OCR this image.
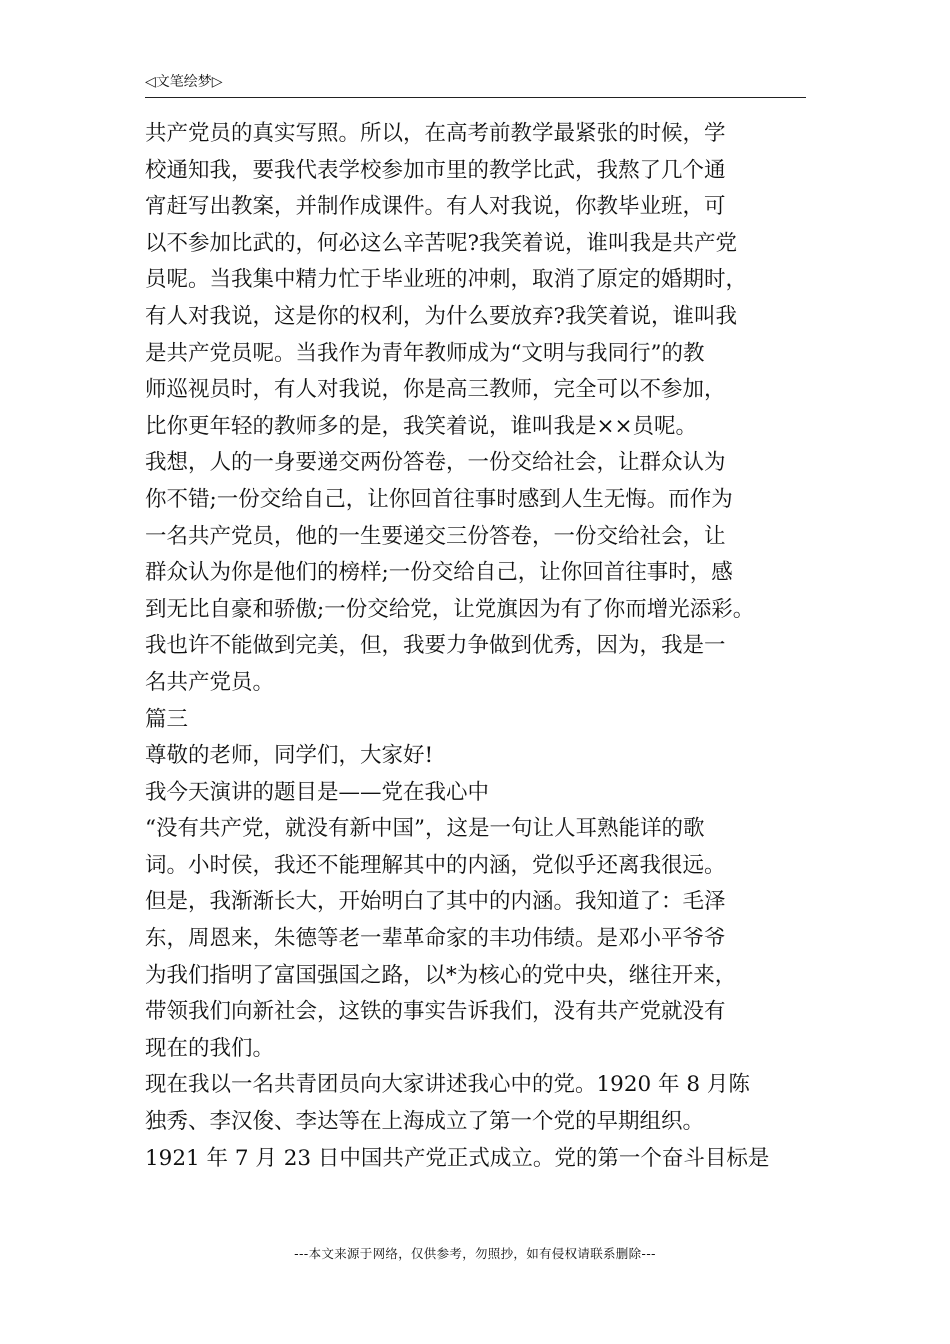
◁文笔绘梦▷
共产党员的真实写照。所以，在高考前教学最紧张的时候，学
校通知我，要我代表学校参加市里的教学比武，我熬了几个通
宵赶写出教案，并制作成课件。有人对我说，你教毕业班，可
以不参加比武的，何必这么辛苦呢?我笑着说，谁叫我是共产党
员呢。当我集中精力忙于毕业班的冲刺，取消了原定的婚期时，
有人对我说，这是你的权利，为什么要放弃?我笑着说，谁叫我
是共产党员呢。当我作为青年教师成为“文明与我同行”的教
师巡视员时，有人对我说，你是高三教师，完全可以不参加，
比你更年轻的教师多的是，我笑着说，谁叫我是××员呢。
我想，人的一身要递交两份答卷，一份交给社会，让群众认为
你不错;一份交给自己，让你回首往事时感到人生无悔。而作为
一名共产党员，他的一生要递交三份答卷，一份交给社会，让
群众认为你是他们的榜样;一份交给自己，让你回首往事时，感
到无比自豪和骄傲;一份交给党，让党旗因为有了你而增光添彩。
我也许不能做到完美，但，我要力争做到优秀，因为，我是一
名共产党员。
篇三
尊敬的老师，同学们，大家好!
我今天演讲的题目是——党在我心中
“没有共产党，就没有新中国”，这是一句让人耳熟能详的歌
词。小时侯，我还不能理解其中的内涵，党似乎还离我很远。
但是，我渐渐长大，开始明白了其中的内涵。我知道了：毛泽
东，周恩来，朱德等老一辈革命家的丰功伟绩。是邓小平爷爷
为我们指明了富国强国之路，以*为核心的党中央，继往开来，
带领我们向新社会，这铁的事实告诉我们，没有共产党就没有
现在的我们。
现在我以一名共青团员向大家讲述我心中的党。1920 年 8 月陈
独秀、李汉俊、李达等在上海成立了第一个党的早期组织。
1921 年 7 月 23 日中国共产党正式成立。党的第一个奋斗目标是
---本文来源于网络，仅供参考，勿照抄，如有侵权请联系删除---
